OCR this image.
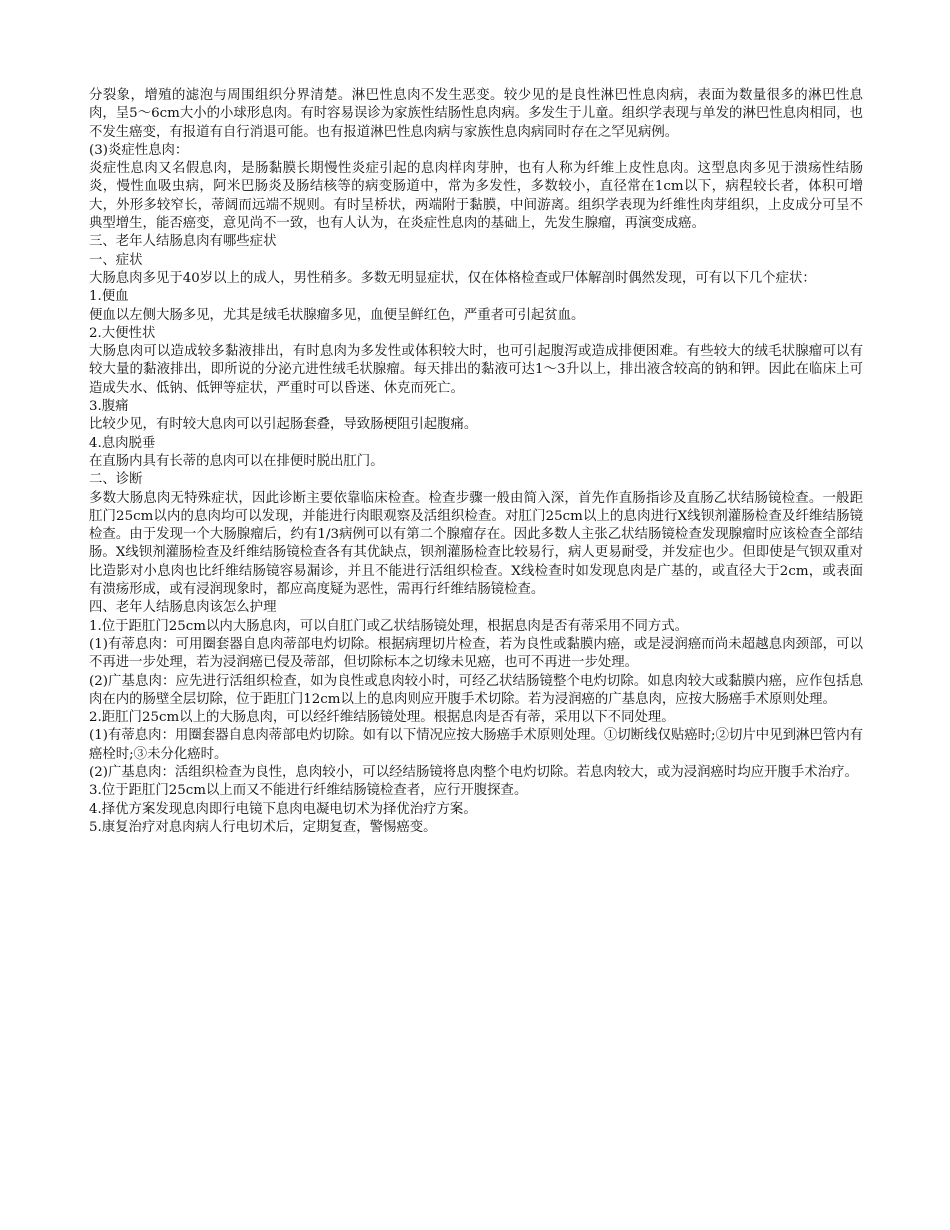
分裂象，增殖的滤泡与周围组织分界清楚。淋巴性息肉不发生恶变。较少见的是良性淋巴性息肉病，表面为数量很多的淋巴性息肉，呈5～6cm大小的小球形息肉。有时容易误诊为家族性结肠性息肉病。多发生于儿童。组织学表现与单发的淋巴性息肉相同，也不发生癌变，有报道有自行消退可能。也有报道淋巴性息肉病与家族性息肉病同时存在之罕见病例。

(3)炎症性息肉：

炎症性息肉又名假息肉，是肠黏膜长期慢性炎症引起的息肉样肉芽肿，也有人称为纤维上皮性息肉。这型息肉多见于溃疡性结肠炎，慢性血吸虫病，阿米巴肠炎及肠结核等的病变肠道中，常为多发性，多数较小，直径常在1cm以下，病程较长者，体积可增大，外形多较窄长，蒂阔而远端不规则。有时呈桥状，两端附于黏膜，中间游离。组织学表现为纤维性肉芽组织，上皮成分可呈不典型增生，能否癌变，意见尚不一致，也有人认为，在炎症性息肉的基础上，先发生腺瘤，再演变成癌。

三、老年人结肠息肉有哪些症状

一、症状

大肠息肉多见于40岁以上的成人，男性稍多。多数无明显症状，仅在体格检查或尸体解剖时偶然发现，可有以下几个症状：

1.便血

便血以左侧大肠多见，尤其是绒毛状腺瘤多见，血便呈鲜红色，严重者可引起贫血。

2.大便性状

大肠息肉可以造成较多黏液排出，有时息肉为多发性或体积较大时，也可引起腹泻或造成排便困难。有些较大的绒毛状腺瘤可以有较大量的黏液排出，即所说的分泌亢进性绒毛状腺瘤。每天排出的黏液可达1～3升以上，排出液含较高的钠和钾。因此在临床上可造成失水、低钠、低钾等症状，严重时可以昏迷、休克而死亡。

3.腹痛

比较少见，有时较大息肉可以引起肠套叠，导致肠梗阻引起腹痛。

4.息肉脱垂

在直肠内具有长蒂的息肉可以在排便时脱出肛门。

二、诊断

多数大肠息肉无特殊症状，因此诊断主要依靠临床检查。检查步骤一般由简入深，首先作直肠指诊及直肠乙状结肠镜检查。一般距肛门25cm以内的息肉均可以发现，并能进行肉眼观察及活组织检查。对肛门25cm以上的息肉进行X线钡剂灌肠检查及纤维结肠镜检查。由于发现一个大肠腺瘤后，约有1/3病例可以有第二个腺瘤存在。因此多数人主张乙状结肠镜检查发现腺瘤时应该检查全部结肠。X线钡剂灌肠检查及纤维结肠镜检查各有其优缺点，钡剂灌肠检查比较易行，病人更易耐受，并发症也少。但即使是气钡双重对比造影对小息肉也比纤维结肠镜容易漏诊，并且不能进行活组织检查。X线检查时如发现息肉是广基的，或直径大于2cm，或表面有溃疡形成，或有浸润现象时，都应高度疑为恶性，需再行纤维结肠镜检查。

四、老年人结肠息肉该怎么护理

1.位于距肛门25cm以内大肠息肉，可以自肛门或乙状结肠镜处理，根据息肉是否有蒂采用不同方式。

(1)有蒂息肉：可用圈套器自息肉蒂部电灼切除。根据病理切片检查，若为良性或黏膜内癌，或是浸润癌而尚未超越息肉颈部，可以不再进一步处理，若为浸润癌已侵及蒂部，但切除标本之切缘未见癌，也可不再进一步处理。

(2)广基息肉：应先进行活组织检查，如为良性或息肉较小时，可经乙状结肠镜整个电灼切除。如息肉较大或黏膜内癌，应作包括息肉在内的肠壁全层切除，位于距肛门12cm以上的息肉则应开腹手术切除。若为浸润癌的广基息肉，应按大肠癌手术原则处理。

2.距肛门25cm以上的大肠息肉，可以经纤维结肠镜处理。根据息肉是否有蒂，采用以下不同处理。

(1)有蒂息肉：用圈套器自息肉蒂部电灼切除。如有以下情况应按大肠癌手术原则处理。①切断线仅贴癌时;②切片中见到淋巴管内有癌栓时;③未分化癌时。

(2)广基息肉：活组织检查为良性，息肉较小，可以经结肠镜将息肉整个电灼切除。若息肉较大，或为浸润癌时均应开腹手术治疗。

3.位于距肛门25cm以上而又不能进行纤维结肠镜检查者，应行开腹探查。

4.择优方案发现息肉即行电镜下息肉电凝电切术为择优治疗方案。

5.康复治疗对息肉病人行电切术后，定期复查，警惕癌变。
